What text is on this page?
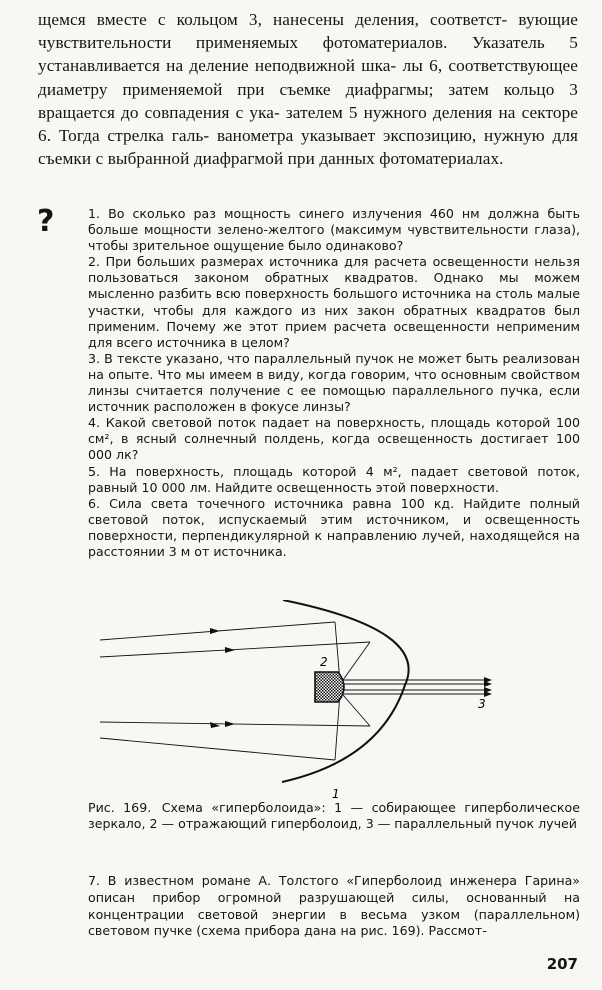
щемся вместе с кольцом 3, нанесены деления, соответст- вующие чувствительности применяемых фотоматериалов. Указатель 5 устанавливается на деление неподвижной шка- лы 6, соответствующее диаметру применяемой при съемке диафрагмы; затем кольцо 3 вращается до совпадения с ука- зателем 5 нужного деления на секторе 6. Тогда стрелка галь- ванометра указывает экспозицию, нужную для съемки с выбранной диафрагмой при данных фотоматериалах.

?	1. Во сколько раз мощность синего излучения 460 нм должна быть больше мощности зелено-желтого (максимум чувствительности глаза), чтобы зрительное ощущение было одинаково?

2. При больших размерах источника для расчета освещенности нельзя пользоваться законом обратных квадратов. Однако мы можем мысленно разбить всю поверхность большого источника на столь малые участки, чтобы для каждого из них закон обратных квадратов был применим. Почему же этот прием расчета освещенности неприменим для всего источника в целом?

3. В тексте указано, что параллельный пучок не может быть реализован на опыте. Что мы имеем в виду, когда говорим, что основным свойством линзы считается получение с ее помощью параллельного пучка, если источник расположен в фокусе линзы?

4. Какой световой поток падает на поверхность, площадь которой 100 см², в ясный солнечный полдень, когда освещенность достигает 100 000 лк?

5. На поверхность, площадь которой 4 м², падает световой поток, равный 10 000 лм. Найдите освещенность этой поверхности.

6. Сила света точечного источника равна 100 кд. Найдите полный световой поток, испускаемый этим источником, и освещенность поверхности, перпендикулярной к направлению лучей, находящейся на расстоянии 3 м от источника.

2
1
3
Рис. 169. Схема «гиперболоида»: 1 — собирающее гиперболическое зеркало, 2 — отражающий гиперболоид, 3 — параллельный пучок лучей

7. В известном романе А. Толстого «Гиперболоид инженера Гарина» описан прибор огромной разрушающей силы, основанный на концентрации световой энергии в весьма узком (параллельном) световом пучке (схема прибора дана на рис. 169). Рассмот-

207
